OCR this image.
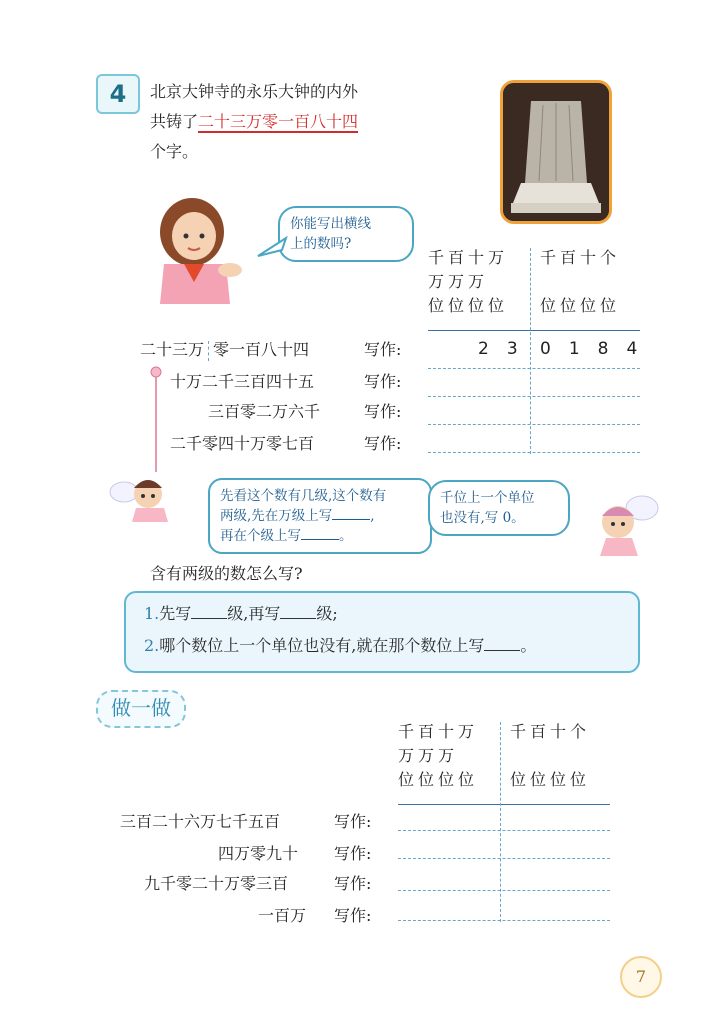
4	北京大钟寺的永乐大钟的内外
共铸了二十三万零一百八十四
个字。
你能写出横线
上的数吗?
千百十万
万万万
位位位位
千百十个

位位位位
二十三万 零一百八十四	写作:	23 0184
十万二千三百四十五	写作:
三百零二万六千	写作:
二千零四十万零七百	写作:
先看这个数有几级,这个数有
两级,先在万级上写	,
再在个级上写	。
千位上一个单位
也没有,写 0。
含有两级的数怎么写?
1.先写 级,再写 级;
2.哪个数位上一个单位也没有,就在那个数位上写 。
做一做
千百十万
万万万
位位位位
千百十个

位位位位
三百二十六万七千五百	写作:
四万零九十 写作:
九千零二十万零三百	写作:
一百万 写作:
7
